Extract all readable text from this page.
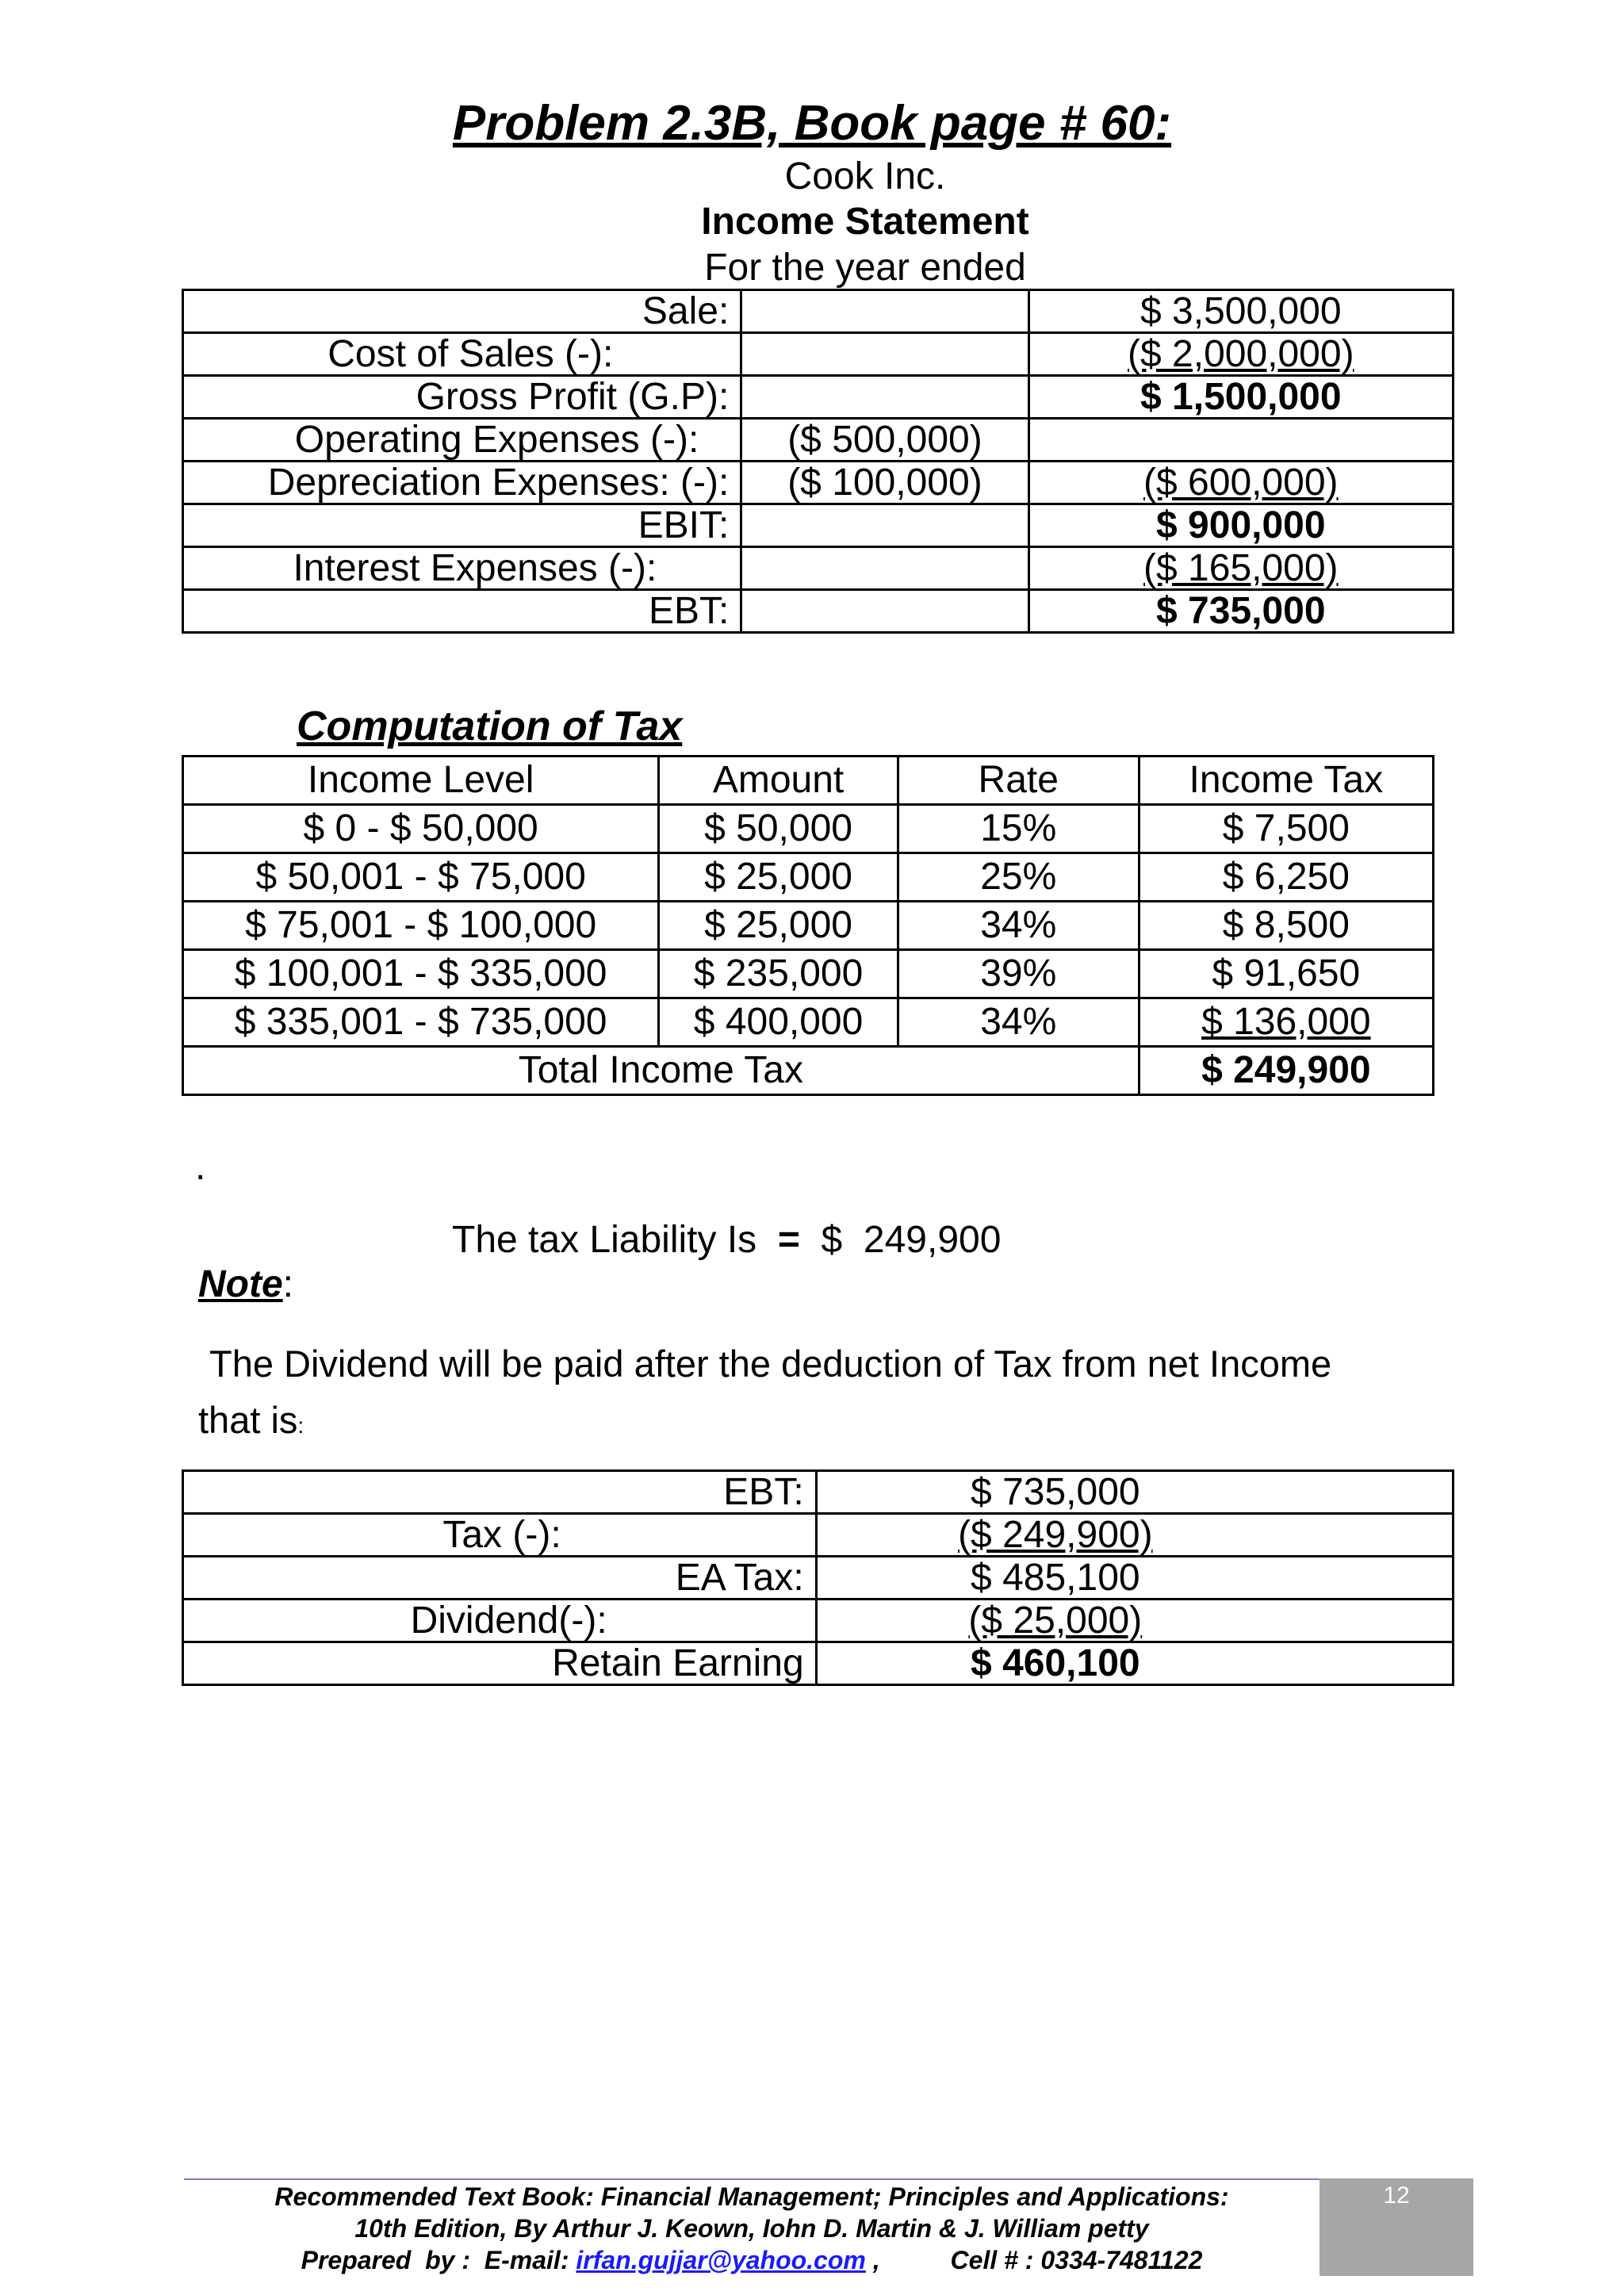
Problem 2.3B, Book page # 60:
Cook Inc.
Income Statement
For the year ended
Sale:		$ 3,500,000
Cost of Sales (-):		($ 2,000,000)
Gross Profit (G.P):		$ 1,500,000
Operating Expenses (-):	($ 500,000)	
Depreciation Expenses: (-):	($ 100,000)	($ 600,000)
EBIT:		$ 900,000
Interest Expenses (-):		($ 165,000)
EBT:		$ 735,000
Computation of Tax
Income Level	Amount	Rate	Income Tax
$ 0 - $ 50,000	$ 50,000	15%	$ 7,500
$ 50,001 - $ 75,000	$ 25,000	25%	$ 6,250
$ 75,001 - $ 100,000	$ 25,000	34%	$ 8,500
$ 100,001 - $ 335,000	$ 235,000	39%	$ 91,650
$ 335,001 - $ 735,000	$ 400,000	34%	$ 136,000
Total Income Tax			$ 249,900
.
The tax Liability Is = $  249,900
Note:
The Dividend will be paid after the deduction of Tax from net Income
that is:
EBT:	$ 735,000
Tax (-):	($ 249,900)
EA Tax:	$ 485,100
Dividend(-):	($ 25,000)
Retain Earning	$ 460,100
Recommended Text Book: Financial Management; Principles and Applications:
10th Edition, By Arthur J. Keown, Iohn D. Martin & J. William petty
Prepared  by :  E-mail: irfan.gujjar@yahoo.com ,	Cell # : 0334-7481122
12
